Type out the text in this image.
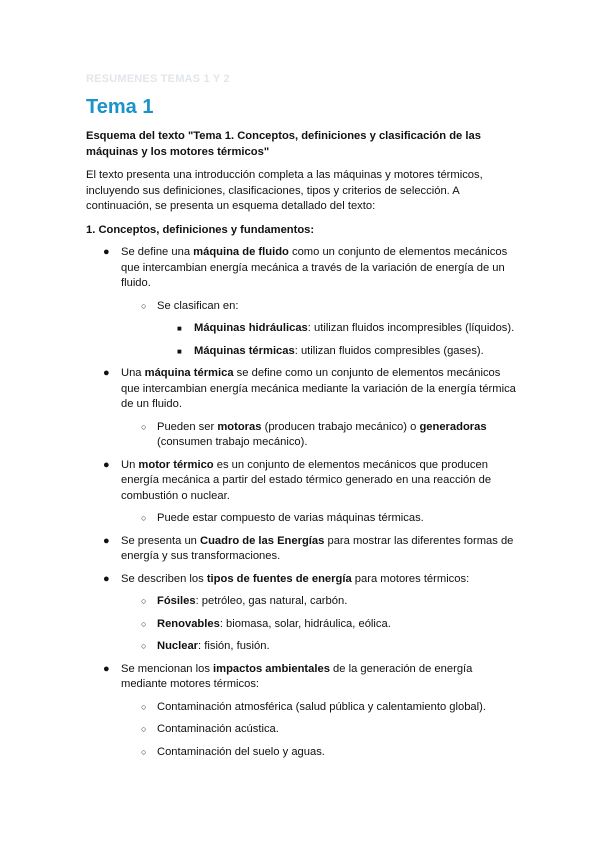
RESUMENES TEMAS 1 Y 2
Tema 1

Esquema del texto "Tema 1. Conceptos, definiciones y clasificación de las máquinas y los motores térmicos"

El texto presenta una introducción completa a las máquinas y motores térmicos, incluyendo sus definiciones, clasificaciones, tipos y criterios de selección. A continuación, se presenta un esquema detallado del texto:

1. Conceptos, definiciones y fundamentos:

● Se define una máquina de fluido como un conjunto de elementos mecánicos que intercambian energía mecánica a través de la variación de energía de un fluido.
○ Se clasifican en:
■ Máquinas hidráulicas: utilizan fluidos incompresibles (líquidos).
■ Máquinas térmicas: utilizan fluidos compresibles (gases).
● Una máquina térmica se define como un conjunto de elementos mecánicos que intercambian energía mecánica mediante la variación de la energía térmica de un fluido.
○ Pueden ser motoras (producen trabajo mecánico) o generadoras (consumen trabajo mecánico).
● Un motor térmico es un conjunto de elementos mecánicos que producen energía mecánica a partir del estado térmico generado en una reacción de combustión o nuclear.
○ Puede estar compuesto de varias máquinas térmicas.
● Se presenta un Cuadro de las Energías para mostrar las diferentes formas de energía y sus transformaciones.
● Se describen los tipos de fuentes de energía para motores térmicos:
○ Fósiles: petróleo, gas natural, carbón.
○ Renovables: biomasa, solar, hidráulica, eólica.
○ Nuclear: fisión, fusión.
● Se mencionan los impactos ambientales de la generación de energía mediante motores térmicos:
○ Contaminación atmosférica (salud pública y calentamiento global).
○ Contaminación acústica.
○ Contaminación del suelo y aguas.
